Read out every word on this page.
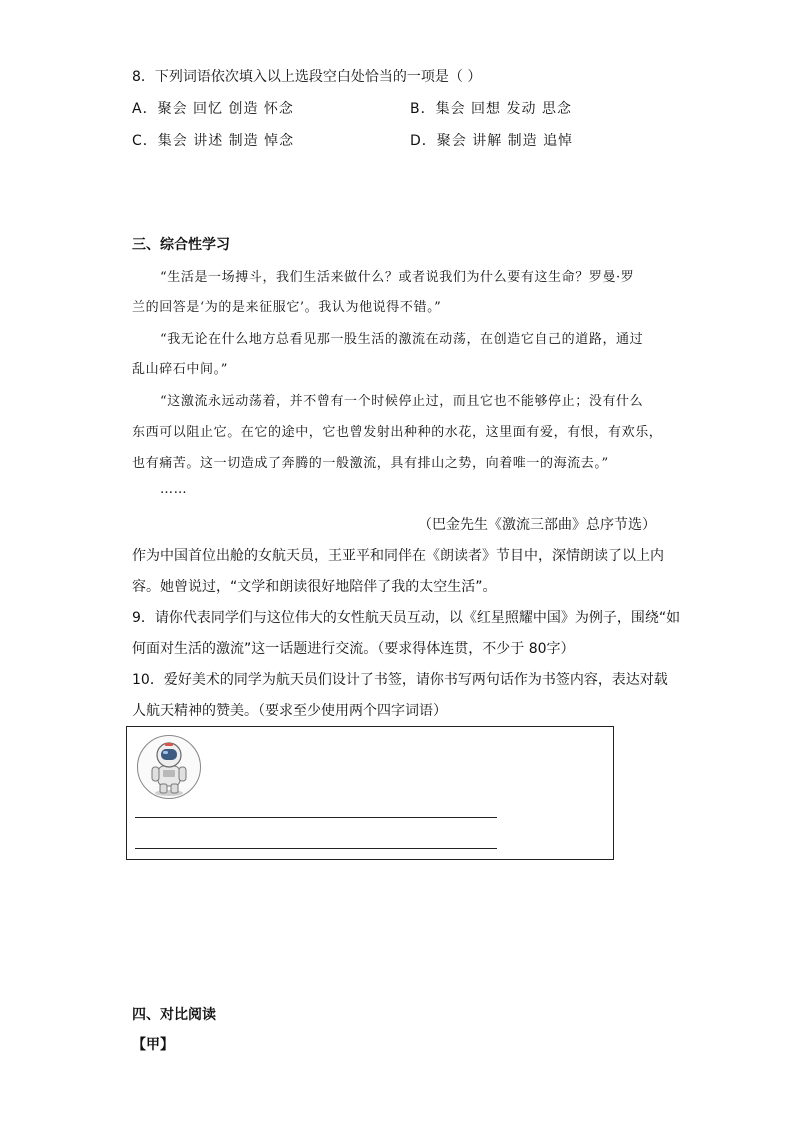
8．下列词语依次填入以上选段空白处恰当的一项是（ ）
A．聚会 回忆 创造 怀念	B．集会 回想 发动 思念
C．集会 讲述 制造 悼念	D．聚会 讲解 制造 追悼
三、综合性学习
“生活是一场搏斗，我们生活来做什么？或者说我们为什么要有这生命？罗曼·罗
兰的回答是‘为的是来征服它’。我认为他说得不错。”
“我无论在什么地方总看见那一股生活的激流在动荡，在创造它自己的道路，通过
乱山碎石中间。”
“这激流永远动荡着，并不曾有一个时候停止过，而且它也不能够停止；没有什么
东西可以阻止它。在它的途中，它也曾发射出种种的水花，这里面有爱，有恨，有欢乐，
也有痛苦。这一切造成了奔腾的一般激流，具有排山之势，向着唯一的海流去。”
……
（巴金先生《激流三部曲》总序节选）
作为中国首位出舱的女航天员，王亚平和同伴在《朗读者》节目中，深情朗读了以上内
容。她曾说过，“文学和朗读很好地陪伴了我的太空生活”。
9．请你代表同学们与这位伟大的女性航天员互动，以《红星照耀中国》为例子，围绕“如
何面对生活的激流”这一话题进行交流。（要求得体连贯，不少于 80字）
10．爱好美术的同学为航天员们设计了书签，请你书写两句话作为书签内容，表达对载
人航天精神的赞美。（要求至少使用两个四字词语）
四、对比阅读
【甲】
